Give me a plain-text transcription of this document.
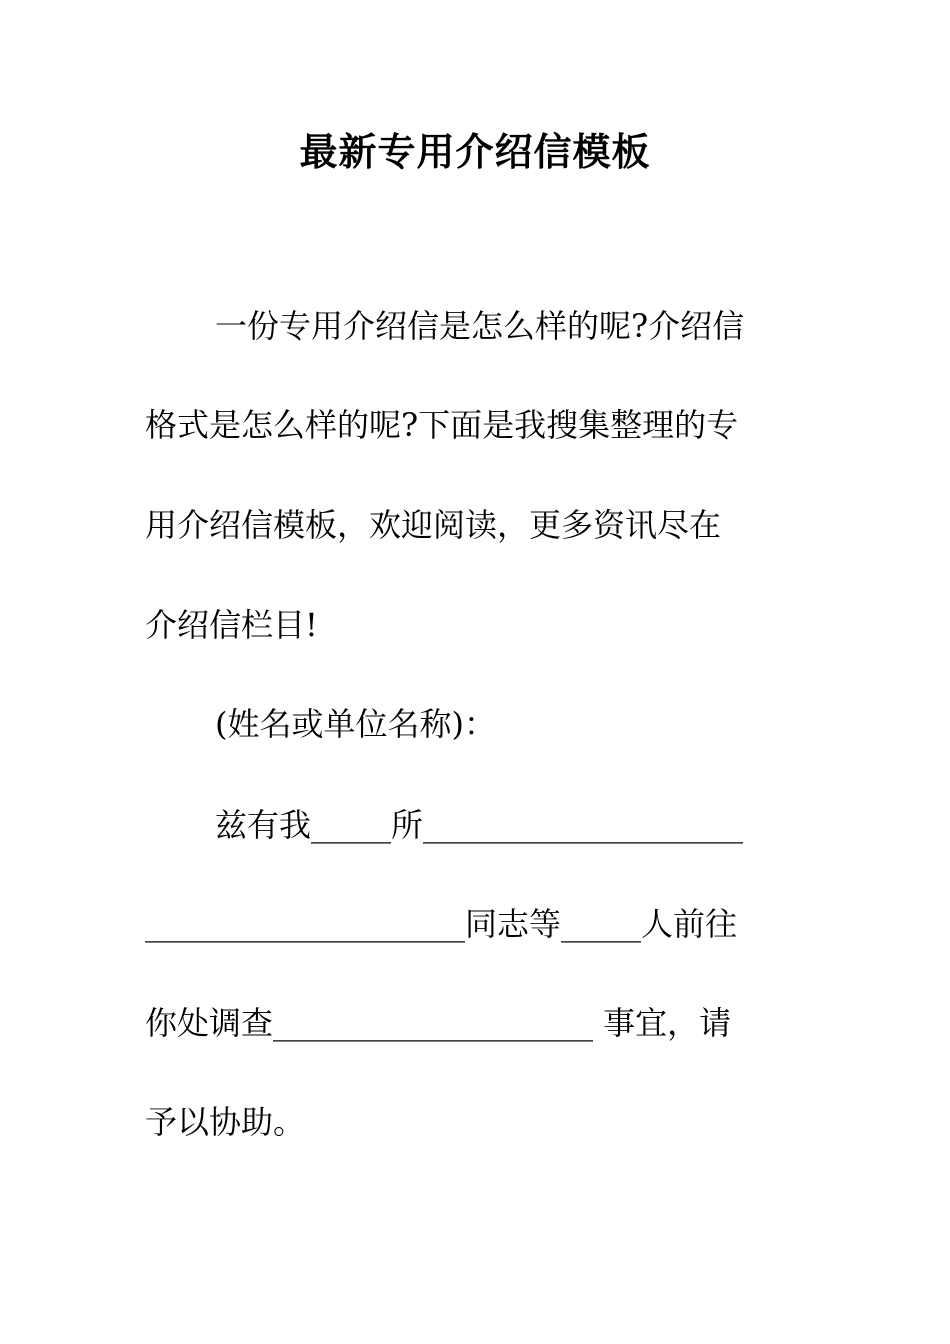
最新专用介绍信模板
一份专用介绍信是怎么样的呢?介绍信
格式是怎么样的呢?下面是我搜集整理的专
用介绍信模板，欢迎阅读，更多资讯尽在
介绍信栏目!
(姓名或单位名称)：
兹有我_____所____________________
____________________同志等_____人前往
你处调查____________________ 事宜，请
予以协助。
